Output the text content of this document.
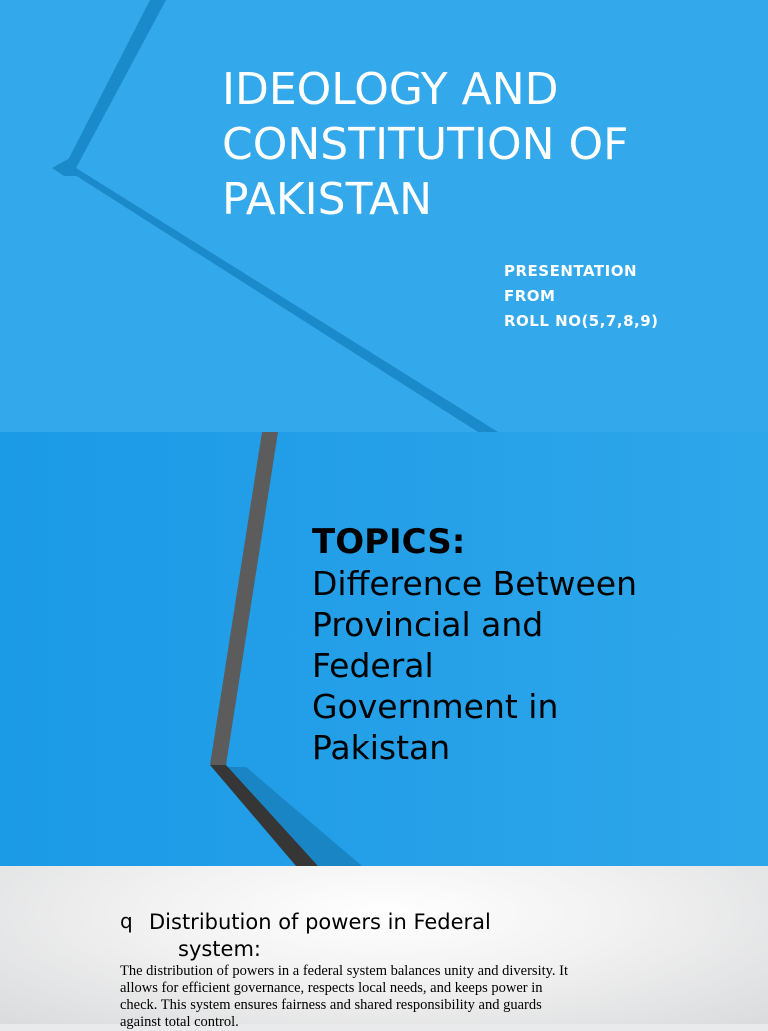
IDEOLOGY AND
CONSTITUTION OF
PAKISTAN
PRESENTATION
FROM
ROLL NO(5,7,8,9)
TOPICS:
Difference Between
Provincial and
Federal
Government in
Pakistan
q Distribution of powers in Federal
system:

The distribution of powers in a federal system balances unity and diversity. It allows for efficient governance, respects local needs, and keeps power in check. This system ensures fairness and shared responsibility and guards against total control.
